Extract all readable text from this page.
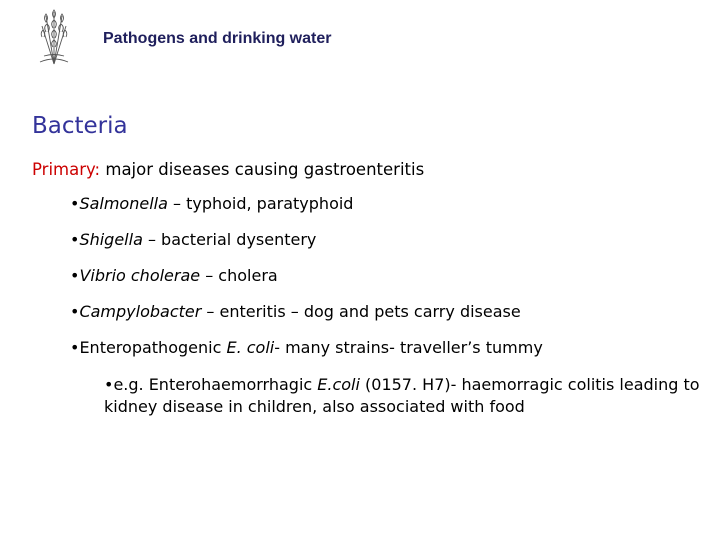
Pathogens and drinking water
Bacteria
Primary: major diseases causing gastroenteritis
•Salmonella – typhoid, paratyphoid
•Shigella – bacterial dysentery
•Vibrio cholerae – cholera
•Campylobacter – enteritis – dog and pets carry disease
•Enteropathogenic E. coli- many strains- traveller’s tummy
•e.g. Enterohaemorrhagic E.coli (0157. H7)- haemorragic colitis leading to kidney disease in children, also associated with food
